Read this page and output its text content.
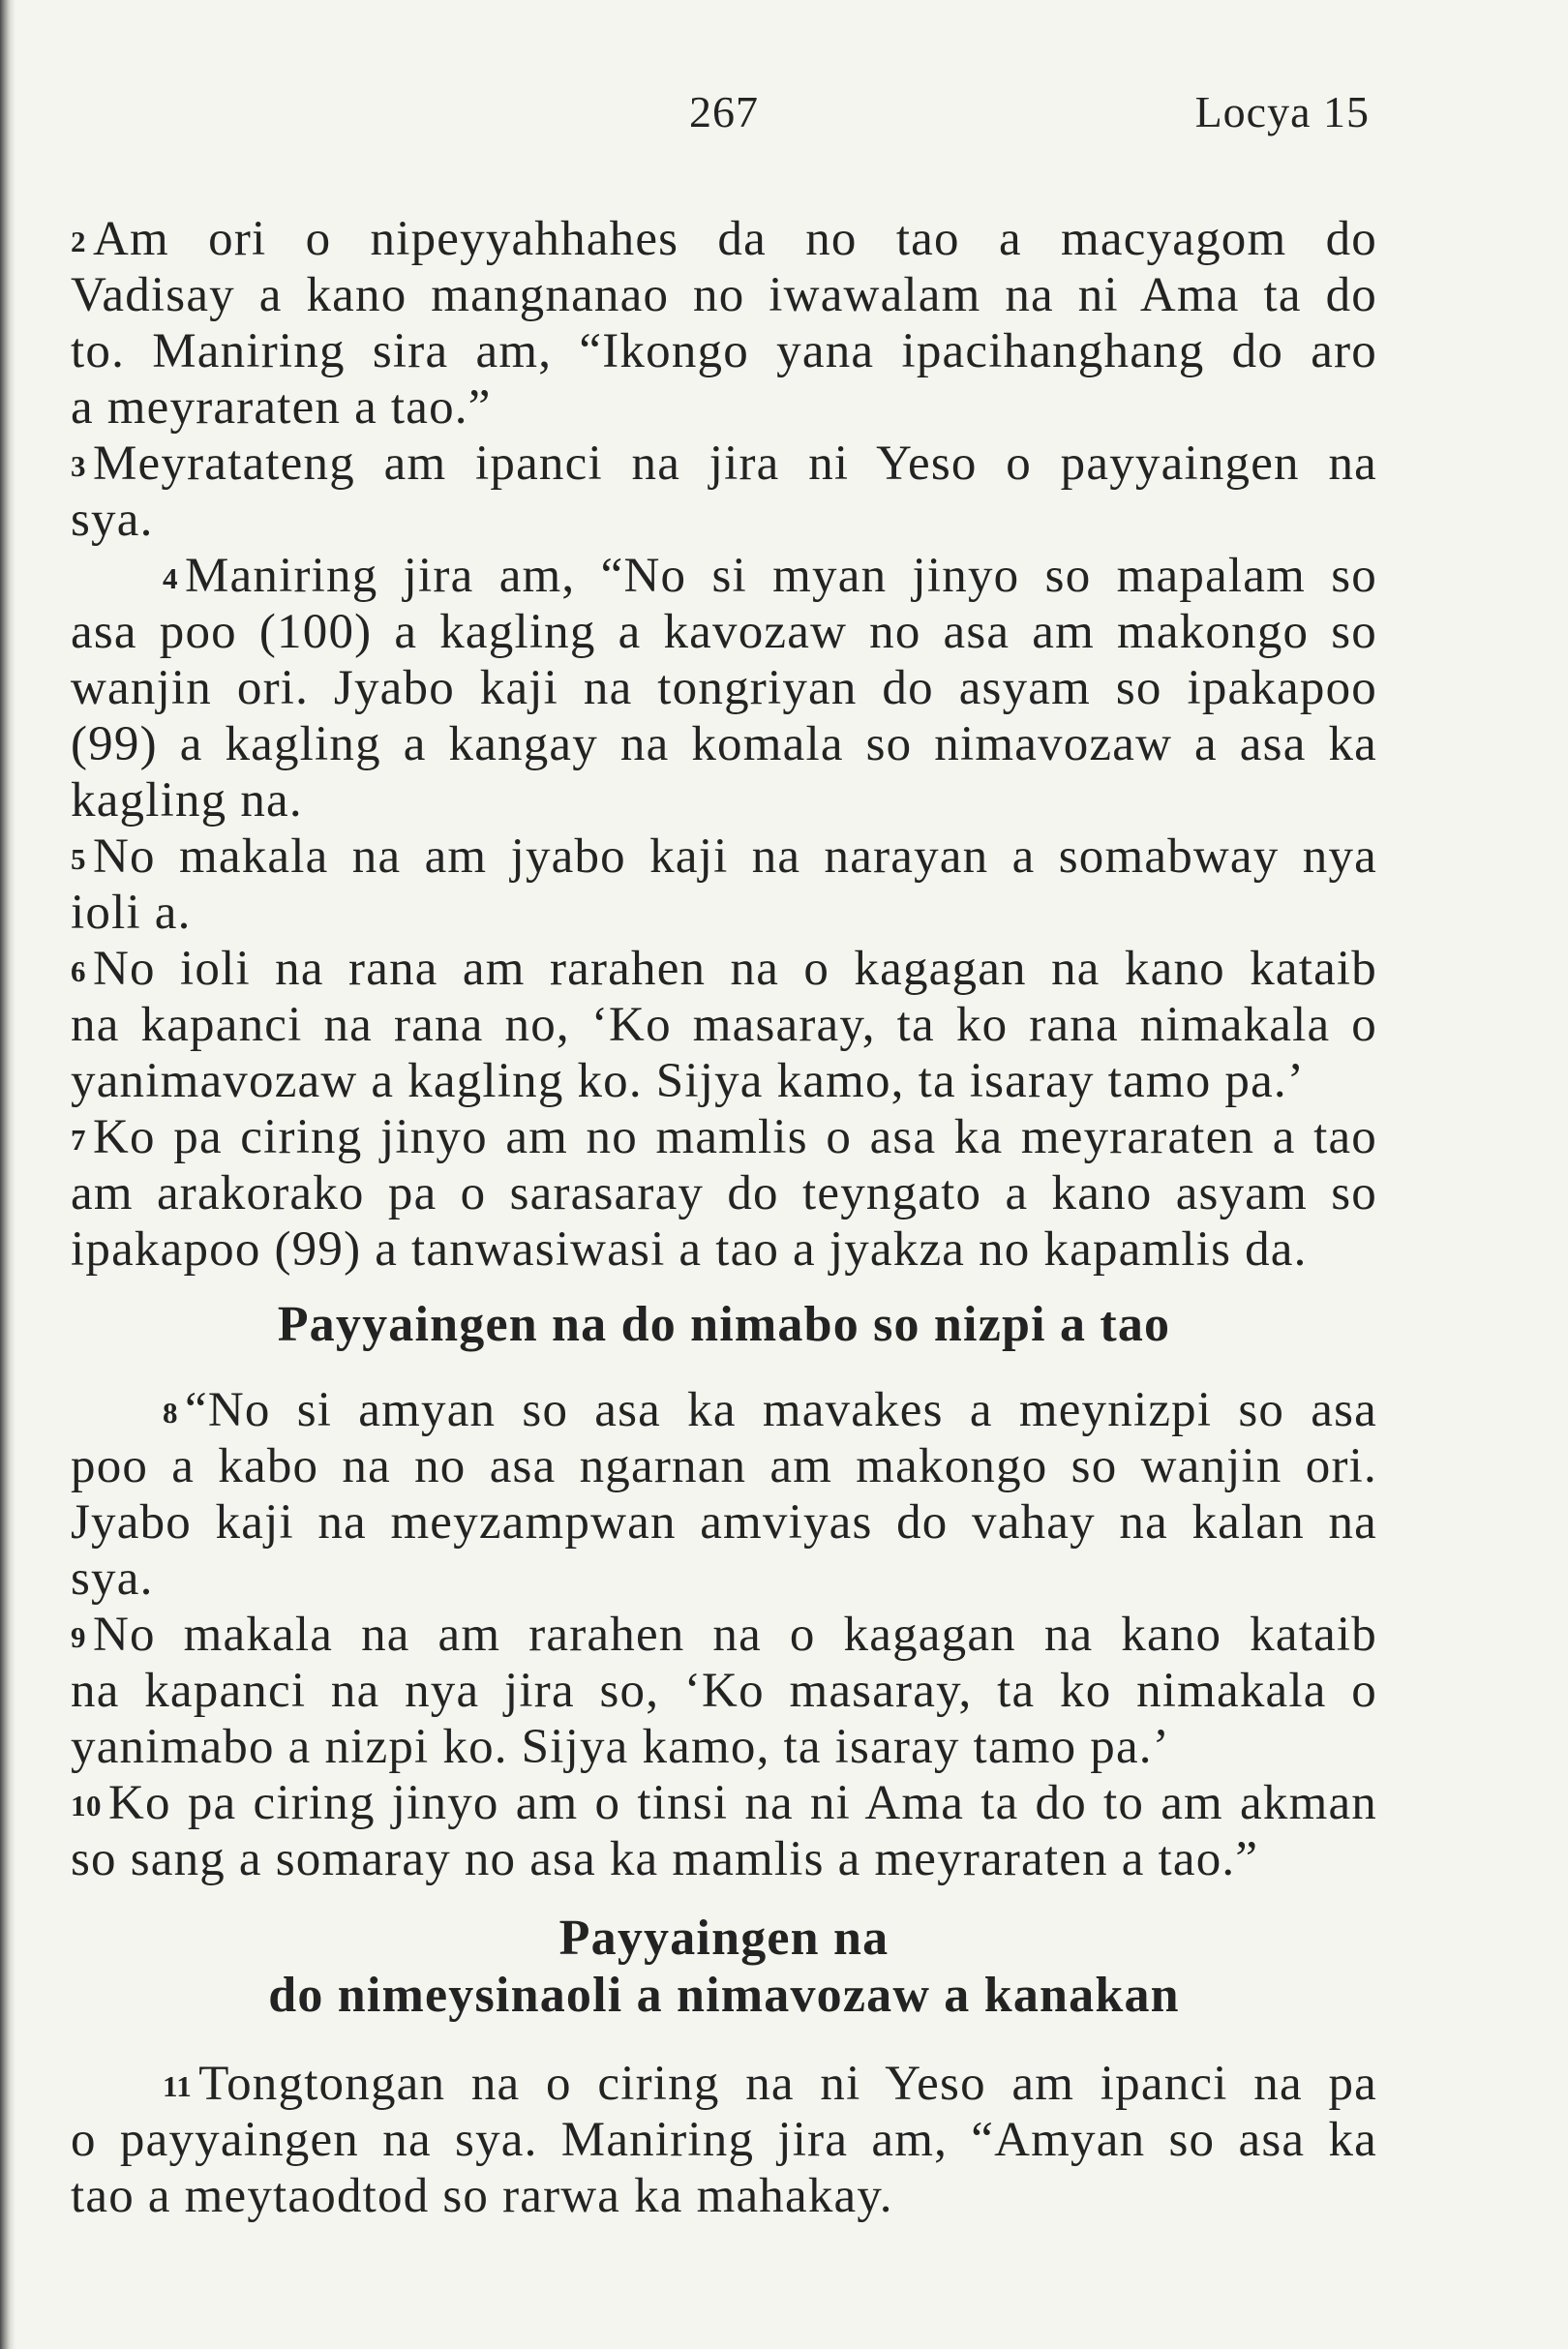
267	Locya 15
2 Am ori o nipeyyahhahes da no tao a macyagom do
Vadisay a kano mangnanao no iwawalam na ni Ama ta do
to. Maniring sira am, “Ikongo yana ipacihanghang do aro
a meyraraten a tao.”
3 Meyratateng am ipanci na jira ni Yeso o payyaingen na
sya.
4 Maniring jira am, “No si myan jinyo so mapalam so
asa poo (100) a kagling a kavozaw no asa am makongo so
wanjin ori. Jyabo kaji na tongriyan do asyam so ipakapoo
(99) a kagling a kangay na komala so nimavozaw a asa ka
kagling na.
5 No makala na am jyabo kaji na narayan a somabway nya
ioli a.
6 No ioli na rana am rarahen na o kagagan na kano kataib
na kapanci na rana no, ‘Ko masaray, ta ko rana nimakala o
yanimavozaw a kagling ko. Sijya kamo, ta isaray tamo pa.’
7 Ko pa ciring jinyo am no mamlis o asa ka meyraraten a tao
am arakorako pa o sarasaray do teyngato a kano asyam so
ipakapoo (99) a tanwasiwasi a tao a jyakza no kapamlis da.
Payyaingen na do nimabo so nizpi a tao
8 “No si amyan so asa ka mavakes a meynizpi so asa
poo a kabo na no asa ngarnan am makongo so wanjin ori.
Jyabo kaji na meyzampwan amviyas do vahay na kalan na
sya.
9 No makala na am rarahen na o kagagan na kano kataib
na kapanci na nya jira so, ‘Ko masaray, ta ko nimakala o
yanimabo a nizpi ko. Sijya kamo, ta isaray tamo pa.’
10 Ko pa ciring jinyo am o tinsi na ni Ama ta do to am akman
so sang a somaray no asa ka mamlis a meyraraten a tao.”
Payyaingen na
do nimeysinaoli a nimavozaw a kanakan
11 Tongtongan na o ciring na ni Yeso am ipanci na pa
o payyaingen na sya. Maniring jira am, “Amyan so asa ka
tao a meytaodtod so rarwa ka mahakay.
